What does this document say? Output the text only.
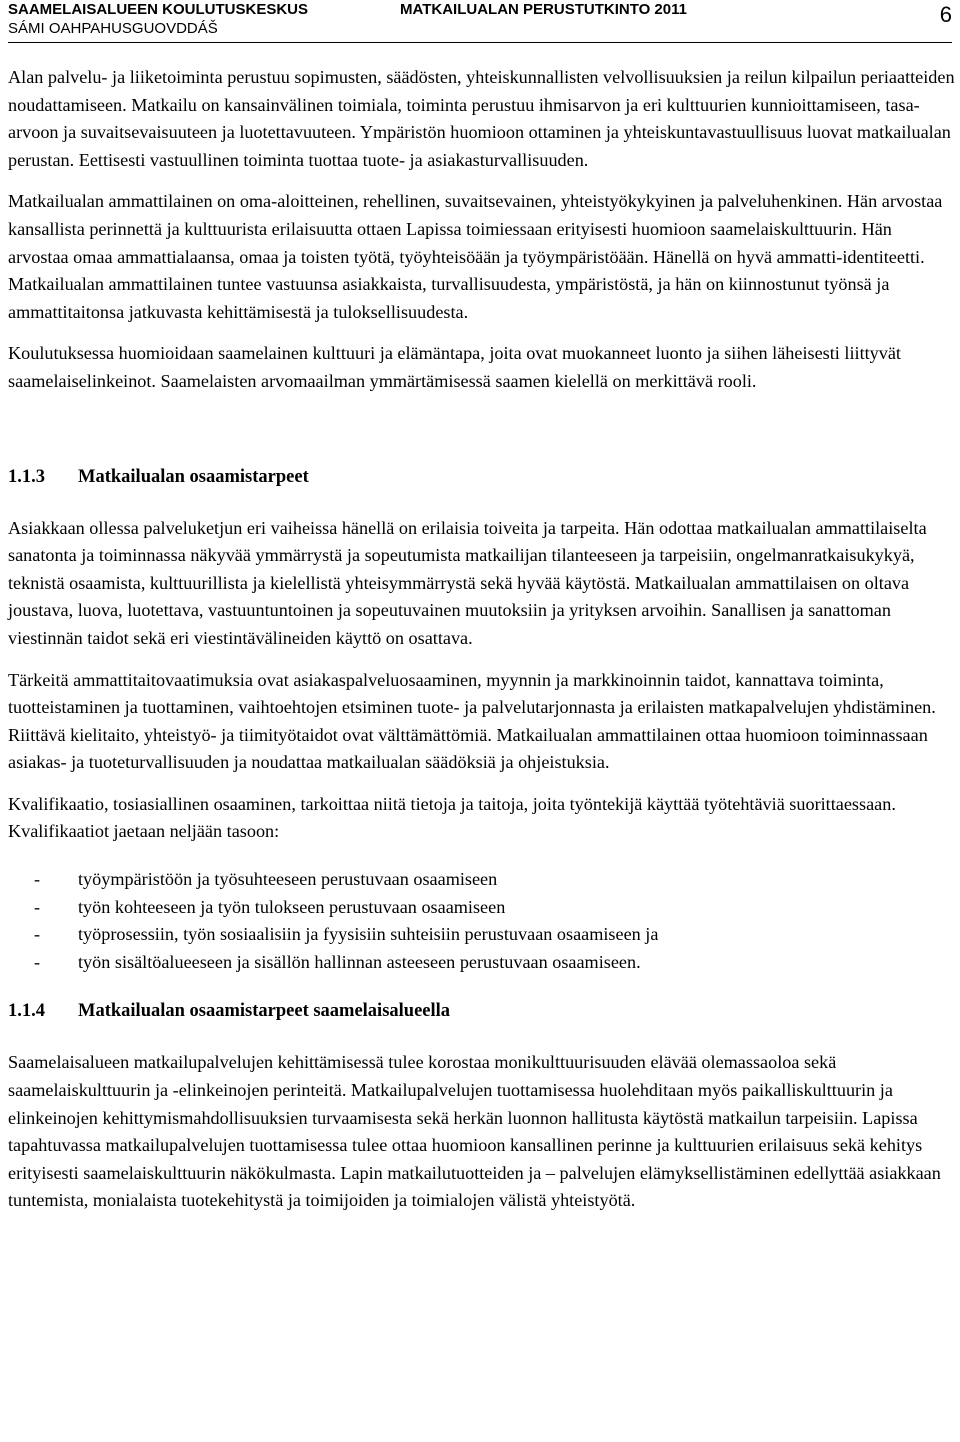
SAAMELAISALUEEN KOULUTUSKESKUS
SÁMI OAHPAHUSGUOVDDÁŠ
MATKAILUALAN PERUSTUTKINTO 2011	6

Alan palvelu- ja liiketoiminta perustuu sopimusten, säädösten, yhteiskunnallisten velvollisuuksien ja reilun kilpailun periaatteiden noudattamiseen. Matkailu on kansainvälinen toimiala, toiminta perustuu ihmisarvon ja eri kulttuurien kunnioittamiseen, tasa-arvoon ja suvaitsevaisuuteen ja luotettavuuteen. Ympäristön huomioon ottaminen ja yhteiskuntavastuullisuus luovat matkailualan perustan. Eettisesti vastuullinen toiminta tuottaa tuote- ja asiakasturvallisuuden.

Matkailualan ammattilainen on oma-aloitteinen, rehellinen, suvaitsevainen, yhteistyökykyinen ja palveluhenkinen. Hän arvostaa kansallista perinnettä ja kulttuurista erilaisuutta ottaen Lapissa toimiessaan erityisesti huomioon saamelaiskulttuurin. Hän arvostaa omaa ammattialaansa, omaa ja toisten työtä, työyhteisöään ja työympäristöään. Hänellä on hyvä ammatti-identiteetti. Matkailualan ammattilainen tuntee vastuunsa asiakkaista, turvallisuudesta, ympäristöstä, ja hän on kiinnostunut työnsä ja ammattitaitonsa jatkuvasta kehittämisestä ja tuloksellisuudesta.

Koulutuksessa huomioidaan saamelainen kulttuuri ja elämäntapa, joita ovat muokanneet luonto ja siihen läheisesti liittyvät saamelaiselinkeinot. Saamelaisten arvomaailman ymmärtämisessä saamen kielellä on merkittävä rooli.

1.1.3 Matkailualan osaamistarpeet

Asiakkaan ollessa palveluketjun eri vaiheissa hänellä on erilaisia toiveita ja tarpeita. Hän odottaa matkailualan ammattilaiselta sanatonta ja toiminnassa näkyvää ymmärrystä ja sopeutumista matkailijan tilanteeseen ja tarpeisiin, ongelmanratkaisukykyä, teknistä osaamista, kulttuurillista ja kielellistä yhteisymmärrystä sekä hyvää käytöstä. Matkailualan ammattilaisen on oltava joustava, luova, luotettava, vastuuntuntoinen ja sopeutuvainen muutoksiin ja yrityksen arvoihin. Sanallisen ja sanattoman viestinnän taidot sekä eri viestintävälineiden käyttö on osattava.

Tärkeitä ammattitaitovaatimuksia ovat asiakaspalveluosaaminen, myynnin ja markkinoinnin taidot, kannattava toiminta, tuotteistaminen ja tuottaminen, vaihtoehtojen etsiminen tuote- ja palvelutarjonnasta ja erilaisten matkapalvelujen yhdistäminen. Riittävä kielitaito, yhteistyö- ja tiimityötaidot ovat välttämättömiä. Matkailualan ammattilainen ottaa huomioon toiminnassaan asiakas- ja tuoteturvallisuuden ja noudattaa matkailualan säädöksiä ja ohjeistuksia.

Kvalifikaatio, tosiasiallinen osaaminen, tarkoittaa niitä tietoja ja taitoja, joita työntekijä käyttää työtehtäviä suorittaessaan. Kvalifikaatiot jaetaan neljään tasoon:

- työympäristöön ja työsuhteeseen perustuvaan osaamiseen
- työn kohteeseen ja työn tulokseen perustuvaan osaamiseen
- työprosessiin, työn sosiaalisiin ja fyysisiin suhteisiin perustuvaan osaamiseen ja
- työn sisältöalueeseen ja sisällön hallinnan asteeseen perustuvaan osaamiseen.
1.1.4 Matkailualan osaamistarpeet saamelaisalueella

Saamelaisalueen matkailupalvelujen kehittämisessä tulee korostaa monikulttuurisuuden elävää olemassaoloa sekä saamelaiskulttuurin ja -elinkeinojen perinteitä. Matkailupalvelujen tuottamisessa huolehditaan myös paikalliskulttuurin ja elinkeinojen kehittymismahdollisuuksien turvaamisesta sekä herkän luonnon hallitusta käytöstä matkailun tarpeisiin. Lapissa tapahtuvassa matkailupalvelujen tuottamisessa tulee ottaa huomioon kansallinen perinne ja kulttuurien erilaisuus sekä kehitys erityisesti saamelaiskulttuurin näkökulmasta. Lapin matkailutuotteiden ja – palvelujen elämyksellistäminen edellyttää asiakkaan tuntemista, monialaista tuotekehitystä ja toimijoiden ja toimialojen välistä yhteistyötä.
